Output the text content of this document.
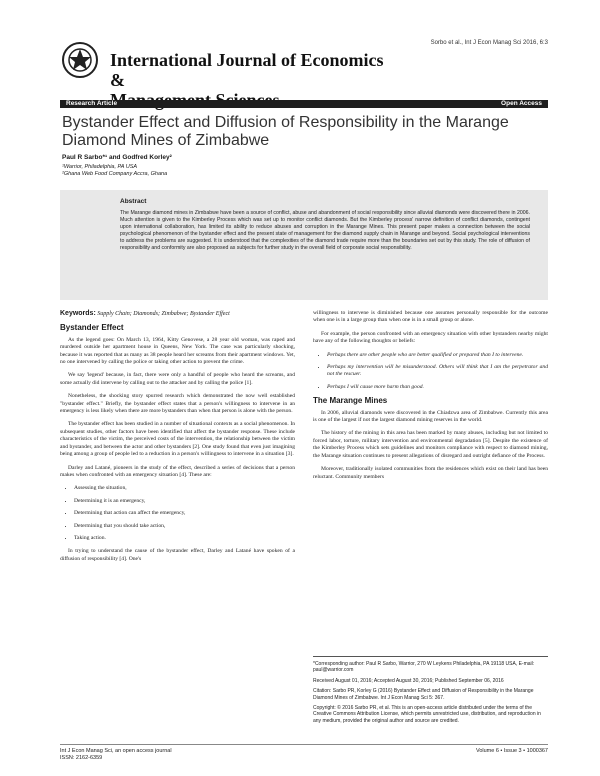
International Journal of Economics &
Sorbo et al., Int J Econ Manag Sci 2016, 6:3
Research Article	Open Access
Bystander Effect and Diffusion of Responsibility in the Marange Diamond Mines of Zimbabwe
Paul R Sarbo*¹ and Godfred Korley²
¹Warrior, Philadelphia, PA USA
²Ghana Web Food Company Accra, Ghana
Abstract
The Marange diamond mines in Zimbabwe have been a source of conflict, abuse and abandonment of social responsibility since alluvial diamonds were discovered there in 2006. Much attention is given to the Kimberley Process which was set up to monitor conflict diamonds. But the Kimberley process' narrow definition of conflict diamonds, contingent upon international collaboration, has limited its ability to reduce abuses and corruption in the Marange Mines. This present paper makes a connection between the social psychological phenomenon of the bystander effect and the present state of management for the diamond supply chain in Marange and beyond. Social psychological interventions to address the problems are suggested. It is understood that the complexities of the diamond trade require more than the boundaries set out by this study. The role of diffusion of responsibility and conformity are also proposed as subjects for further study in the overall field of corporate social responsibility.

Keywords: Supply Chain; Diamonds; Zimbabwe; Bystander Effect

Bystander Effect

As the legend goes: On March 13, 1964, Kitty Genovese, a 28 year old woman, was raped and murdered outside her apartment house in Queens, New York. The case was particularly shocking, because it was reported that as many as 38 people heard her screams from their apartment windows. Yet, no one intervened by calling the police or taking other action to prevent the crime.

We say 'legend' because, in fact, there were only a handful of people who heard the screams, and some actually did intervene by calling out to the attacker and by calling the police [1].

Nonetheless, the shocking story spurred research which demonstrated the now well established "bystander effect." Briefly, the bystander effect states that a person's willingness to intervene in an emergency is less likely when there are more bystanders than when that person is alone with the person.

The bystander effect has been studied in a number of situational contexts as a social phenomenon. In subsequent studies, other factors have been identified that affect the bystander response. These include characteristics of the victim, the perceived costs of the intervention, the relationship between the victim and bystander, and between the actor and other bystanders [2]. One study found that even just imagining being among a group of people led to a reduction in a person's willingness to intervene in a situation [3].

Darley and Latané, pioneers in the study of the effect, described a series of decisions that a person makes when confronted with an emergency situation [4]. These are:

• Assessing the situation,
• Determining it is an emergency,
• Determining that action can affect the emergency,
• Determining that you should take action,
• Taking action.

In trying to understand the cause of the bystander effect, Darley and Latané have spoken of a diffusion of responsibility [4]. One's

willingness to intervene is diminished because one assumes personally responsible for the outcome when one is in a large group than when one is in a small group or alone.

For example, the person confronted with an emergency situation with other bystanders nearby might have any of the following thoughts or beliefs:

• Perhaps there are other people who are better qualified or prepared than I to intervene.
• Perhaps my intervention will be misunderstood. Others will think that I am the perpetrator and not the rescuer.
• Perhaps I will cause more harm than good.
The Marange Mines

In 2006, alluvial diamonds were discovered in the Chiadzwa area of Zimbabwe. Currently this area is one of the largest if not the largest diamond mining reserves in the world.

The history of the mining in this area has been marked by many abuses, including but not limited to forced labor, torture, military intervention and environmental degradation [5]. Despite the existence of the Kimberley Process which sets guidelines and monitors compliance with respect to diamond mining, the Marange situation continues to present allegations of disregard and outright defiance of the Process.

Moreover, traditionally isolated communities from the residences which exist on their land has been reluctant. Community members

*Corresponding author: Paul R Sarbo, Warrior, 270 W Leykens Philadelphia, PA 19118 USA, E-mail: paul@warrior.com

Received August 01, 2016; Accepted August 30, 2016; Published September 06, 2016

Citation: Sarbo PR, Korley G (2016) Bystander Effect and Diffusion of Responsibility in the Marange Diamond Mines of Zimbabwe. Int J Econ Manag Sci 5: 367.

Copyright: © 2016 Sarbo PR, et al. This is an open-access article distributed under the terms of the Creative Commons Attribution License, which permits unrestricted use, distribution, and reproduction in any medium, provided the original author and source are credited.

Int J Econ Manag Sci, an open access journal
ISSN: 2162-6359
Volume 6 • Issue 3 • 1000367
